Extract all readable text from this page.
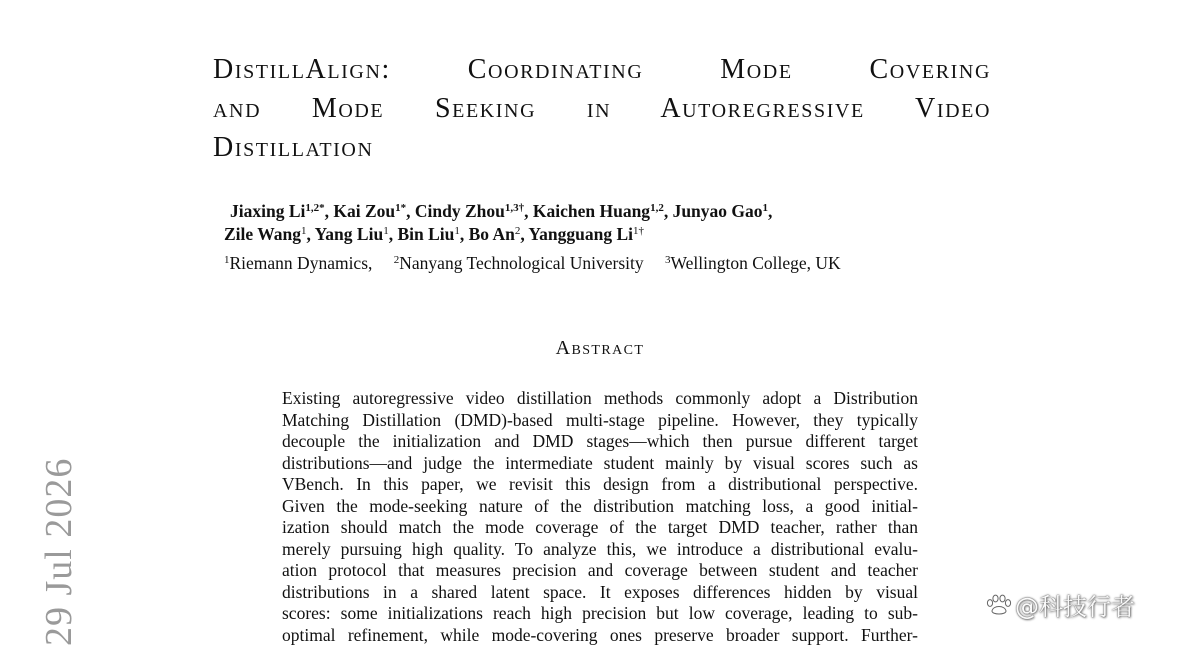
DistillAlign: Coordinating Mode Covering
and Mode Seeking in Autoregressive Video
Distillation
Jiaxing $Li^{1,2*}$, Kai Zou$^{1*}$, Cindy Zhou$^{1,3\dagger}$, Kaichen Huang$^{1,2}$, Junyao Gao$^1$,
Zile Wang$^1$, Yang Liu$^1$, Bin Liu$^1$, Bo An$^2$, Yangguang $Li^{1\dagger}$
$^1$Riemann Dynamics, $^2$Nanyang Technological University $^3$Wellington College, UK
Abstract
Existing autoregressive video distillation methods commonly adopt a Distribution
Matching Distillation (DMD)-based multi-stage pipeline. However, they typically
decouple the initialization and DMD stages—which then pursue different target
distributions—and judge the intermediate student mainly by visual scores such as
VBench. In this paper, we revisit this design from a distributional perspective.
Given the mode-seeking nature of the distribution matching loss, a good initial-
ization should match the mode coverage of the target DMD teacher, rather than
merely pursuing high quality. To analyze this, we introduce a distributional evalu-
ation protocol that measures precision and coverage between student and teacher
distributions in a shared latent space. It exposes differences hidden by visual
scores: some initializations reach high precision but low coverage, leading to sub-
optimal refinement, while mode-covering ones preserve broader support. Further-
29 Jul 2026	@科技行者
